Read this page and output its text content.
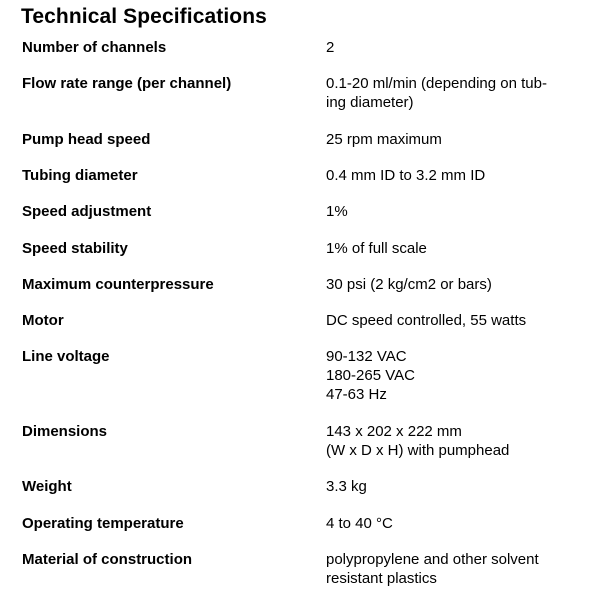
Technical Specifications
Number of channels	2
Flow rate range (per channel)	0.1-20 ml/min (depending on tub-
ing diameter)
Pump head speed	25 rpm maximum
Tubing diameter	0.4 mm ID to 3.2 mm ID
Speed adjustment	1%
Speed stability	1% of full scale
Maximum counterpressure	30 psi (2 kg/cm2 or bars)
Motor	DC speed controlled, 55 watts
Line voltage	90-132 VAC
180-265 VAC
47-63 Hz
Dimensions	143 x 202 x 222 mm
(W x D x H) with pumphead
Weight	3.3 kg
Operating temperature	4 to 40 °C
Material of construction	polypropylene and other solvent
resistant plastics
